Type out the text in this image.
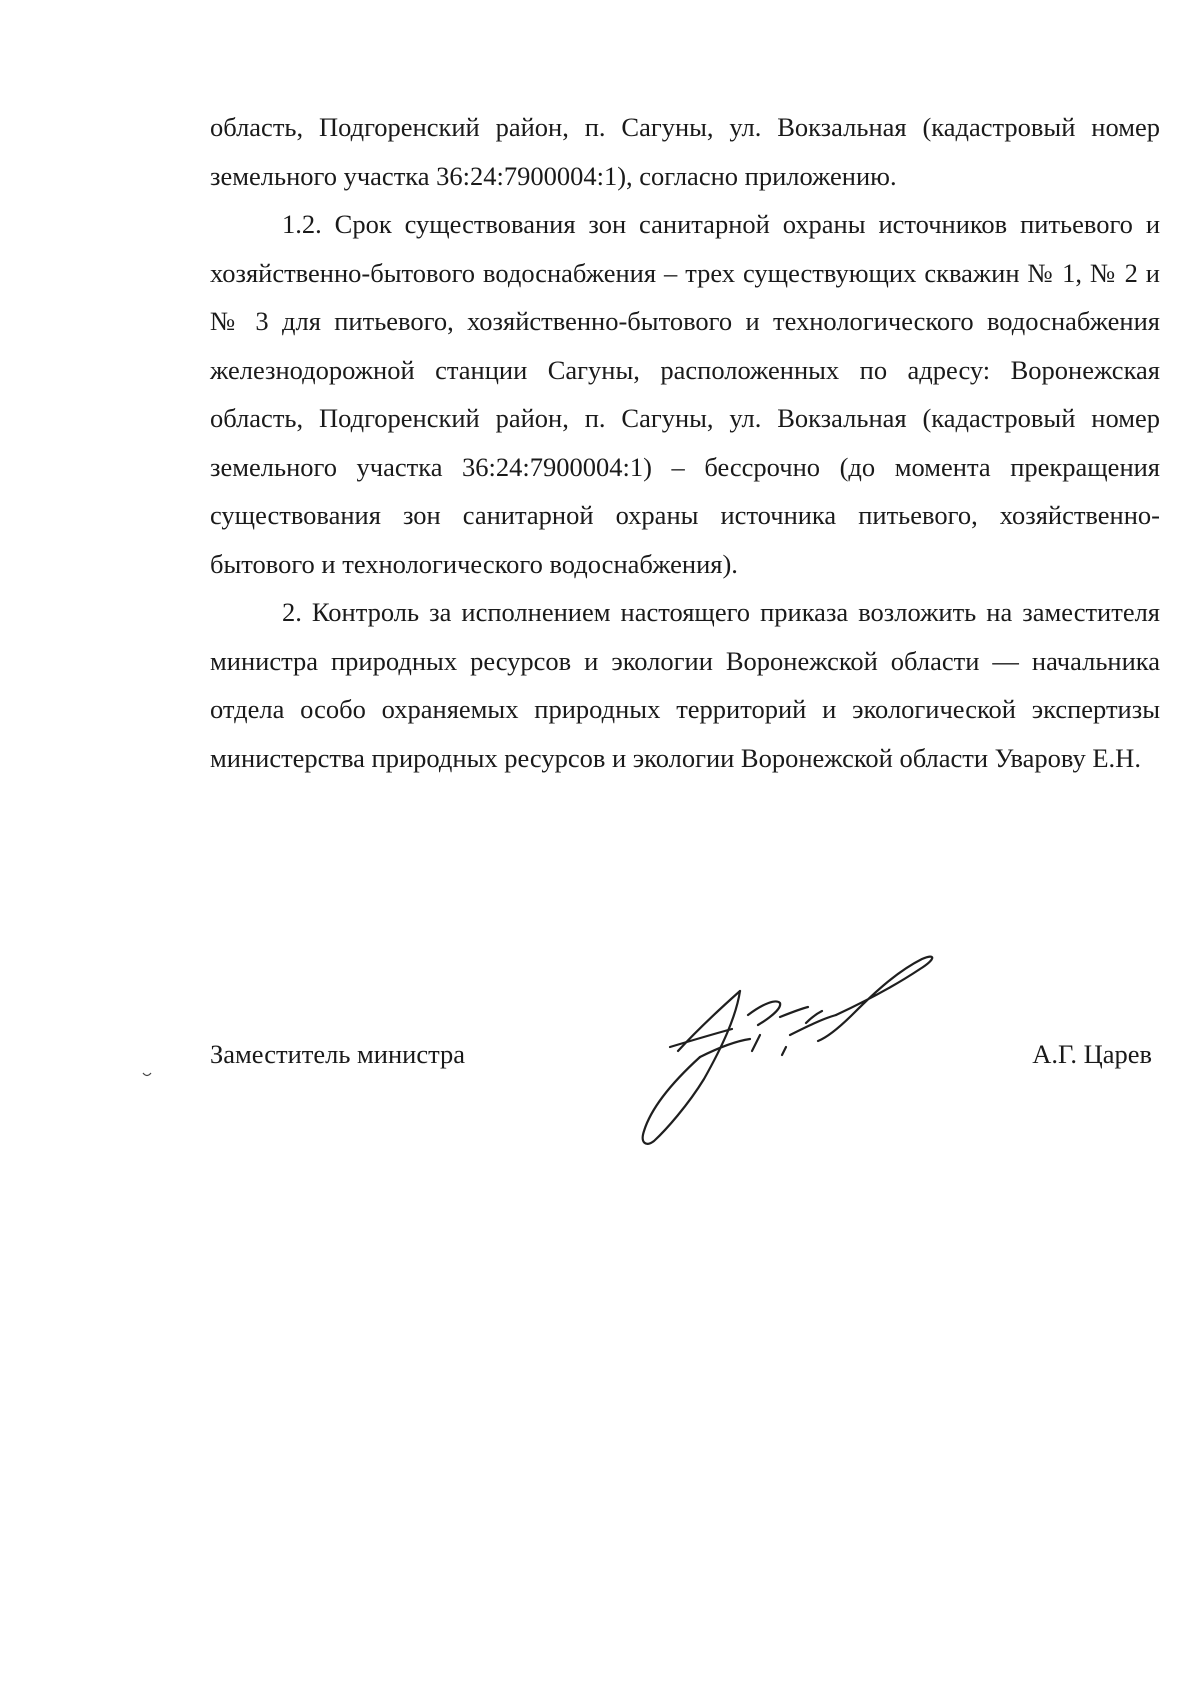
область, Подгоренский район, п. Сагуны, ул. Вокзальная (кадастровый номер земельного участка 36:24:7900004:1), согласно приложению.

1.2. Срок существования зон санитарной охраны источников питьевого и хозяйственно-бытового водоснабжения – трех существующих скважин № 1, № 2 и № 3 для питьевого, хозяйственно-бытового и технологического водоснабжения железнодорожной станции Сагуны, расположенных по адресу: Воронежская область, Подгоренский район, п. Сагуны, ул. Вокзальная (кадастровый номер земельного участка 36:24:7900004:1) – бессрочно (до момента прекращения существования зон санитарной охраны источника питьевого, хозяйственно-бытового и технологического водоснабжения).

2. Контроль за исполнением настоящего приказа возложить на заместителя министра природных ресурсов и экологии Воронежской области — начальника отдела особо охраняемых природных территорий и экологической экспертизы министерства природных ресурсов и экологии Воронежской области Уварову Е.Н.

Заместитель министра	А.Г. Царев
